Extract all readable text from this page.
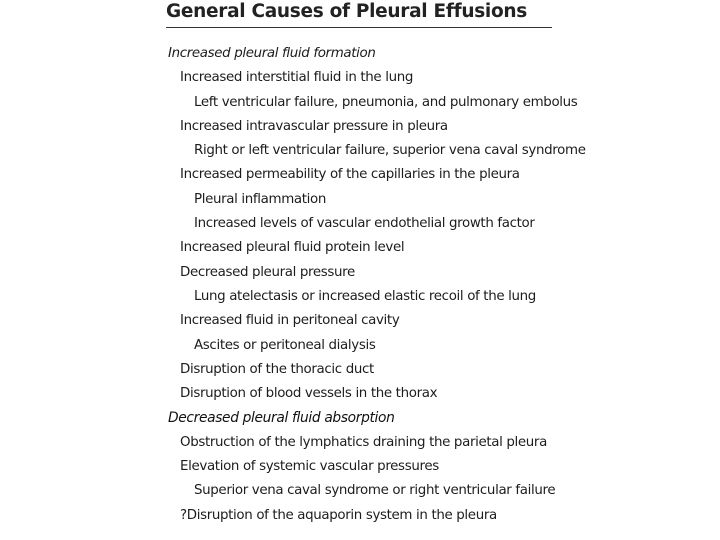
General Causes of Pleural Effusions
Increased pleural fluid formation
Increased interstitial fluid in the lung
Left ventricular failure, pneumonia, and pulmonary embolus
Increased intravascular pressure in pleura
Right or left ventricular failure, superior vena caval syndrome
Increased permeability of the capillaries in the pleura
Pleural inflammation
Increased levels of vascular endothelial growth factor
Increased pleural fluid protein level
Decreased pleural pressure
Lung atelectasis or increased elastic recoil of the lung
Increased fluid in peritoneal cavity
Ascites or peritoneal dialysis
Disruption of the thoracic duct
Disruption of blood vessels in the thorax
Decreased pleural fluid absorption
Obstruction of the lymphatics draining the parietal pleura
Elevation of systemic vascular pressures
Superior vena caval syndrome or right ventricular failure
?Disruption of the aquaporin system in the pleura
